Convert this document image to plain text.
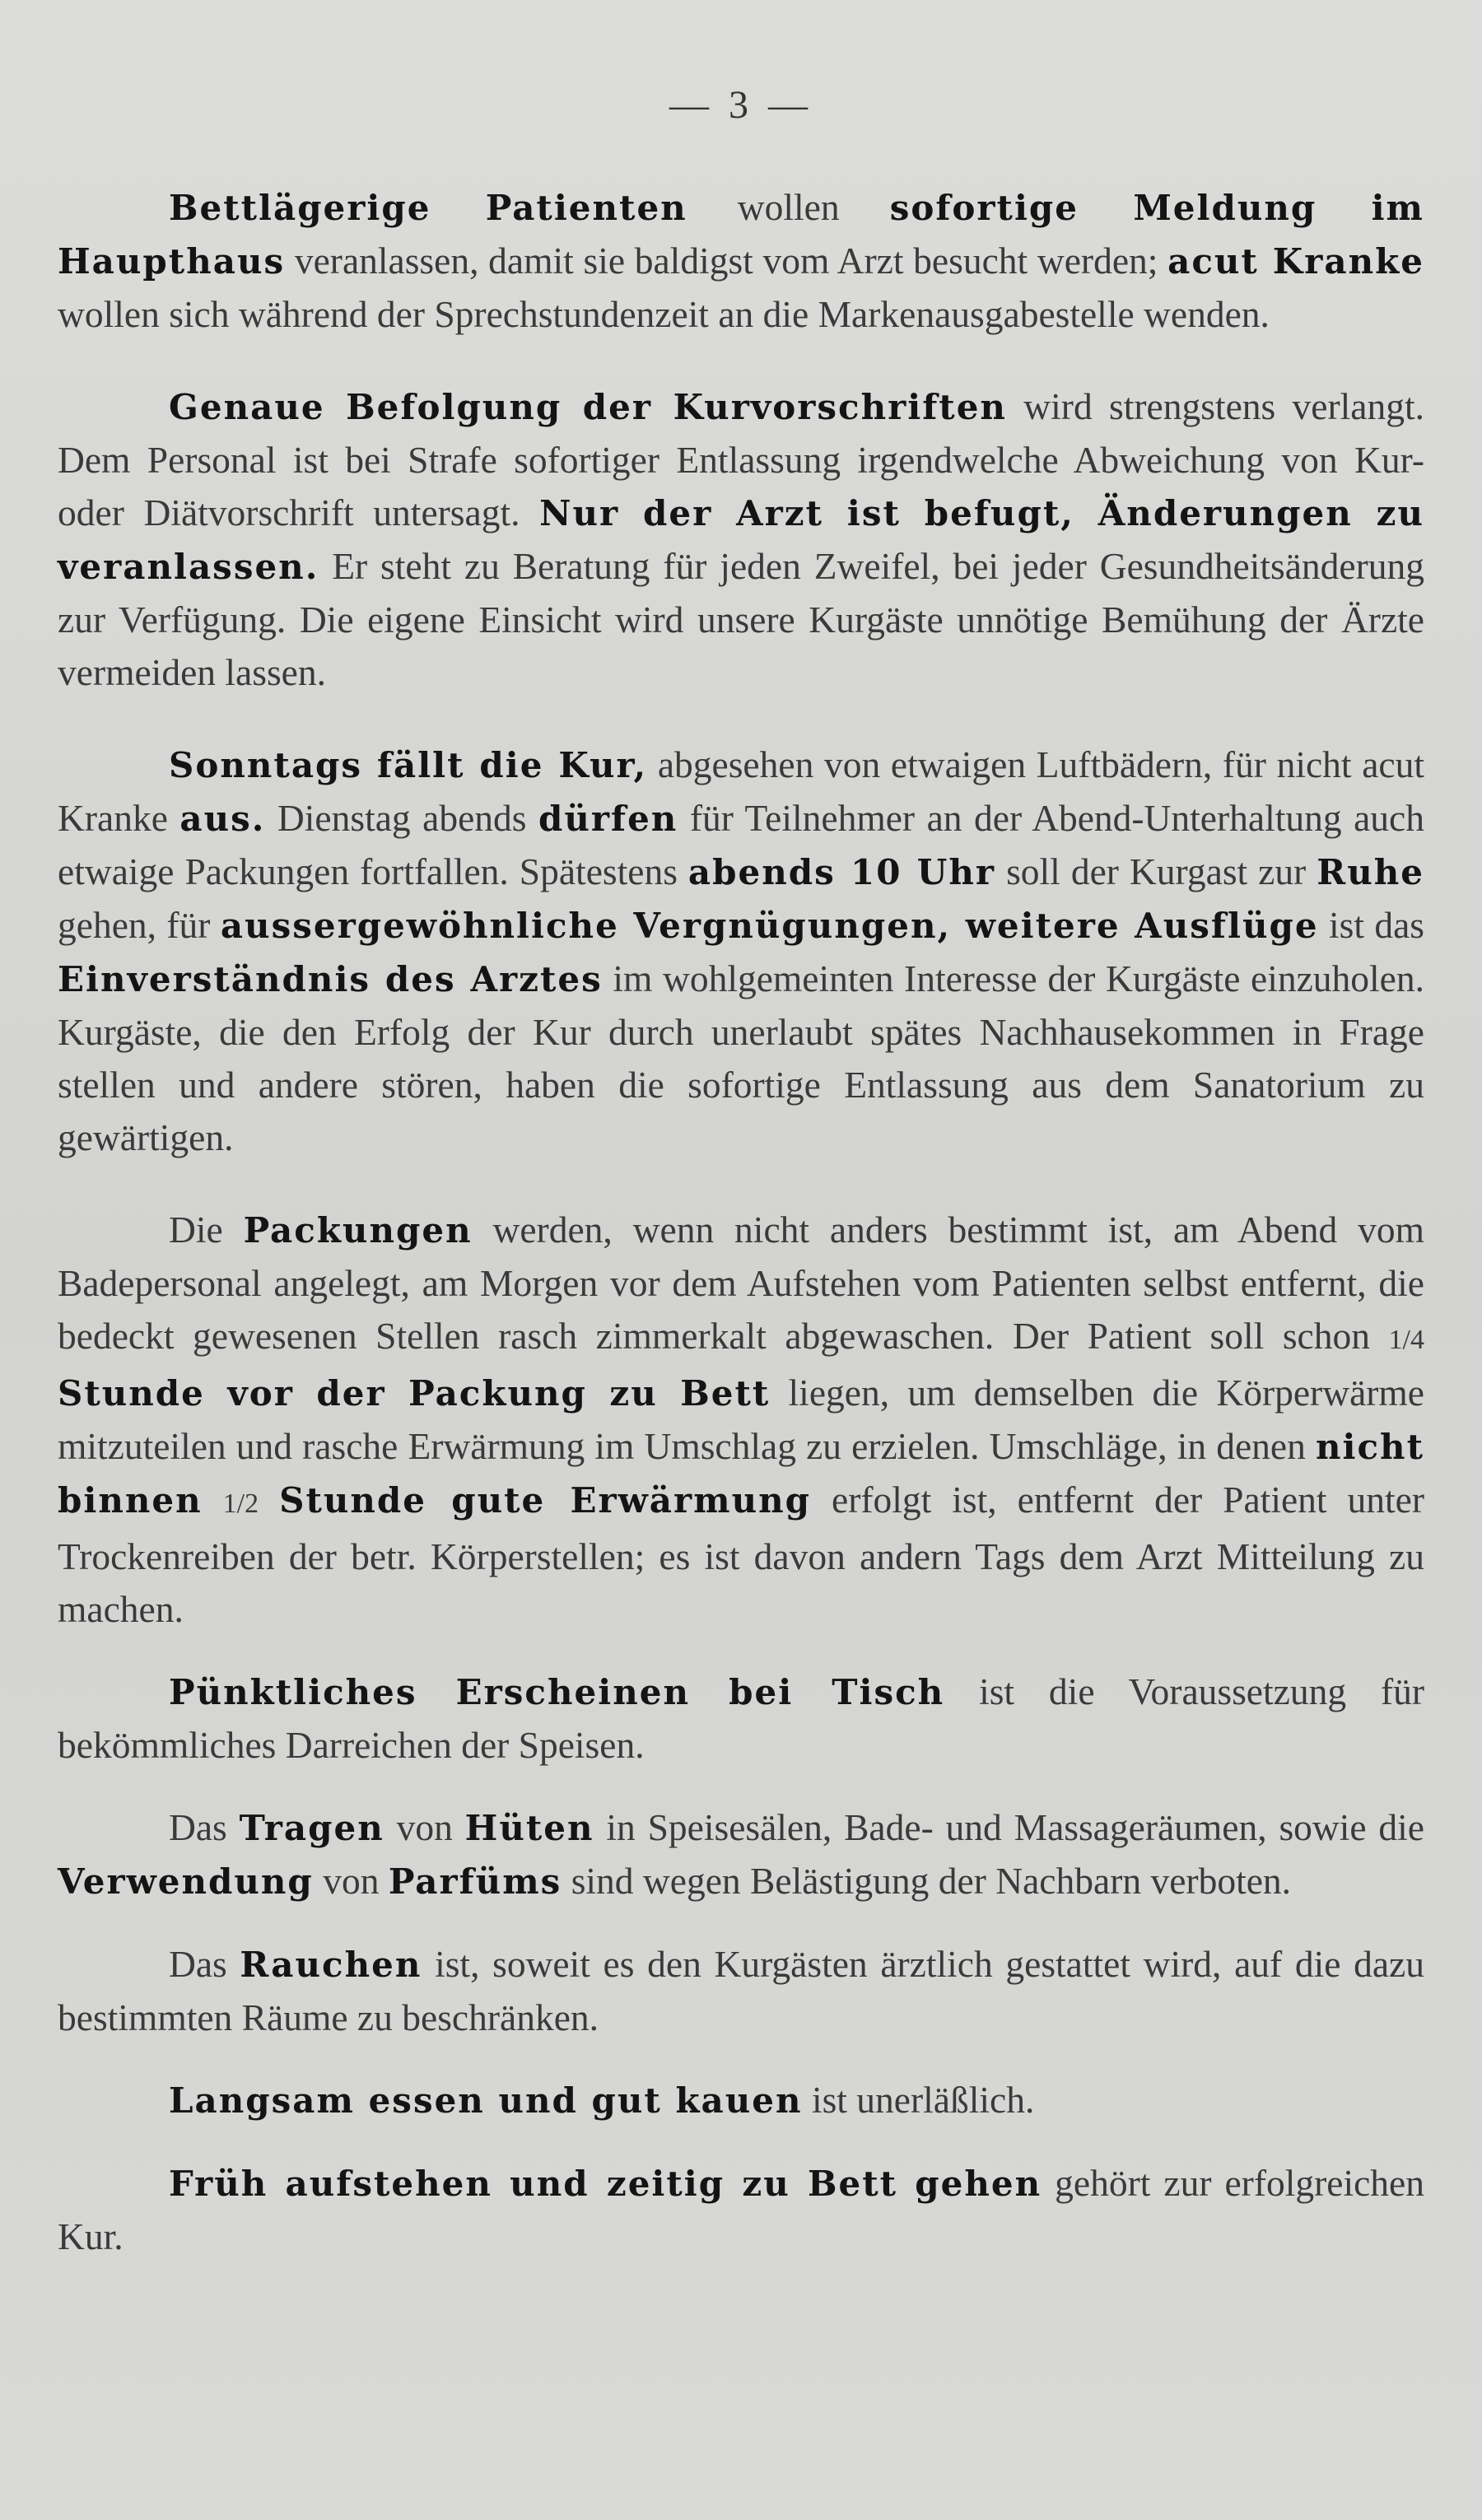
— 3 —

Bettlägerige Patienten wollen sofortige Meldung im Haupthaus veranlassen, damit sie baldigst vom Arzt besucht werden; acut Kranke wollen sich während der Sprechstundenzeit an die Markenausgabestelle wenden.

Genaue Befolgung der Kurvorschriften wird strengstens verlangt. Dem Personal ist bei Strafe sofortiger Entlassung irgendwelche Abweichung von Kur- oder Diätvorschrift untersagt. Nur der Arzt ist befugt, Änderungen zu veranlassen. Er steht zu Beratung für jeden Zweifel, bei jeder Gesundheitsänderung zur Verfügung. Die eigene Einsicht wird unsere Kurgäste unnötige Bemühung der Ärzte vermeiden lassen.

Sonntags fällt die Kur, abgesehen von etwaigen Luftbädern, für nicht acut Kranke aus. Dienstag abends dürfen für Teilnehmer an der Abend-Unterhaltung auch etwaige Packungen fortfallen. Spätestens abends 10 Uhr soll der Kurgast zur Ruhe gehen, für aussergewöhnliche Vergnügungen, weitere Ausflüge ist das Einverständnis des Arztes im wohlgemeinten Interesse der Kurgäste einzuholen. Kurgäste, die den Erfolg der Kur durch unerlaubt spätes Nachhausekommen in Frage stellen und andere stören, haben die sofortige Entlassung aus dem Sanatorium zu gewärtigen.

Die Packungen werden, wenn nicht anders bestimmt ist, am Abend vom Badepersonal angelegt, am Morgen vor dem Aufstehen vom Patienten selbst entfernt, die bedeckt gewesenen Stellen rasch zimmerkalt abgewaschen. Der Patient soll schon 1/4 Stunde vor der Packung zu Bett liegen, um demselben die Körperwärme mitzuteilen und rasche Erwärmung im Umschlag zu erzielen. Umschläge, in denen nicht binnen 1/2 Stunde gute Erwärmung erfolgt ist, entfernt der Patient unter Trockenreiben der betr. Körperstellen; es ist davon andern Tags dem Arzt Mitteilung zu machen.

Pünktliches Erscheinen bei Tisch ist die Voraussetzung für bekömmliches Darreichen der Speisen.

Das Tragen von Hüten in Speisesälen, Bade- und Massageräumen, sowie die Verwendung von Parfüms sind wegen Belästigung der Nachbarn verboten.

Das Rauchen ist, soweit es den Kurgästen ärztlich gestattet wird, auf die dazu bestimmten Räume zu beschränken.

Langsam essen und gut kauen ist unerläßlich.

Früh aufstehen und zeitig zu Bett gehen gehört zur erfolgreichen Kur.
